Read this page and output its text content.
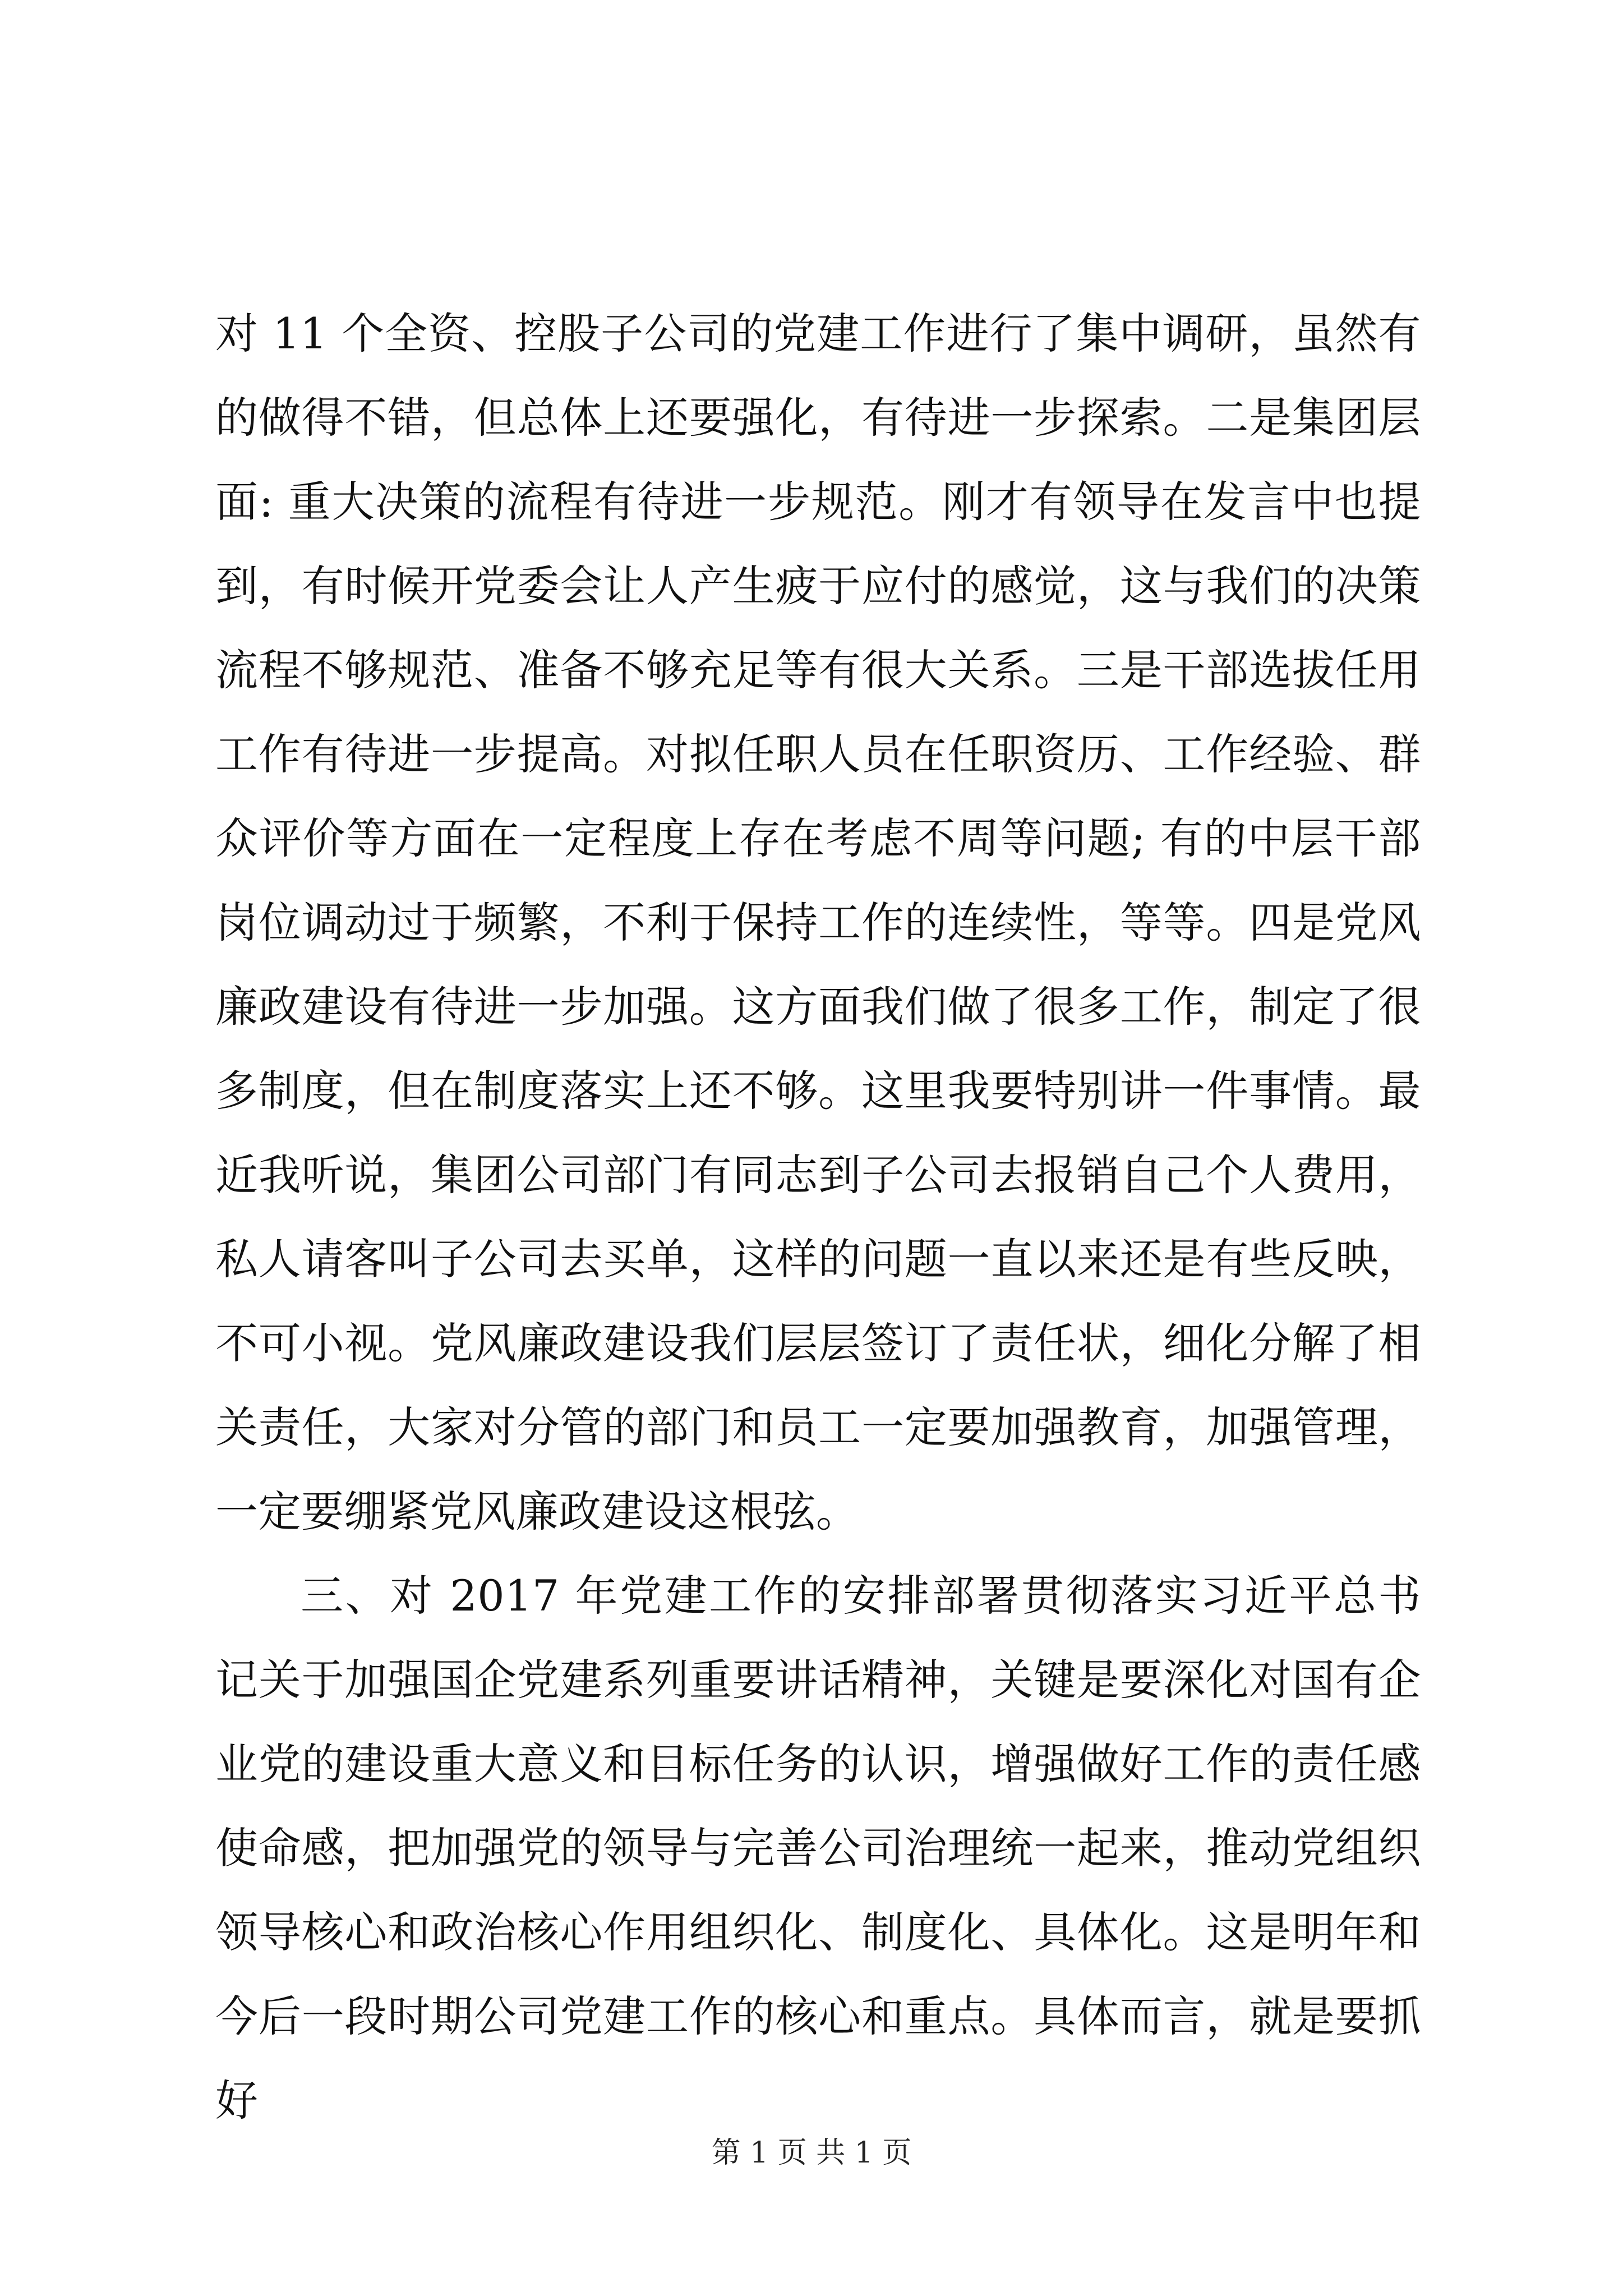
对 11 个全资、控股子公司的党建工作进行了集中调研，虽然有的做得不错，但总体上还要强化，有待进一步探索。二是集团层面: 重大决策的流程有待进一步规范。刚才有领导在发言中也提到，有时候开党委会让人产生疲于应付的感觉，这与我们的决策流程不够规范、准备不够充足等有很大关系。三是干部选拔任用工作有待进一步提高。对拟任职人员在任职资历、工作经验、群众评价等方面在一定程度上存在考虑不周等问题; 有的中层干部岗位调动过于频繁，不利于保持工作的连续性，等等。四是党风廉政建设有待进一步加强。这方面我们做了很多工作，制定了很多制度，但在制度落实上还不够。这里我要特别讲一件事情。最近我听说，集团公司部门有同志到子公司去报销自己个人费用，私人请客叫子公司去买单，这样的问题一直以来还是有些反映，不可小视。党风廉政建设我们层层签订了责任状，细化分解了相关责任，大家对分管的部门和员工一定要加强教育，加强管理，一定要绷紧党风廉政建设这根弦。

三、对 2017 年党建工作的安排部署贯彻落实习近平总书记关于加强国企党建系列重要讲话精神，关键是要深化对国有企业党的建设重大意义和目标任务的认识，增强做好工作的责任感使命感，把加强党的领导与完善公司治理统一起来，推动党组织领导核心和政治核心作用组织化、制度化、具体化。这是明年和今后一段时期公司党建工作的核心和重点。具体而言，就是要抓好

第 1 页 共 1 页
